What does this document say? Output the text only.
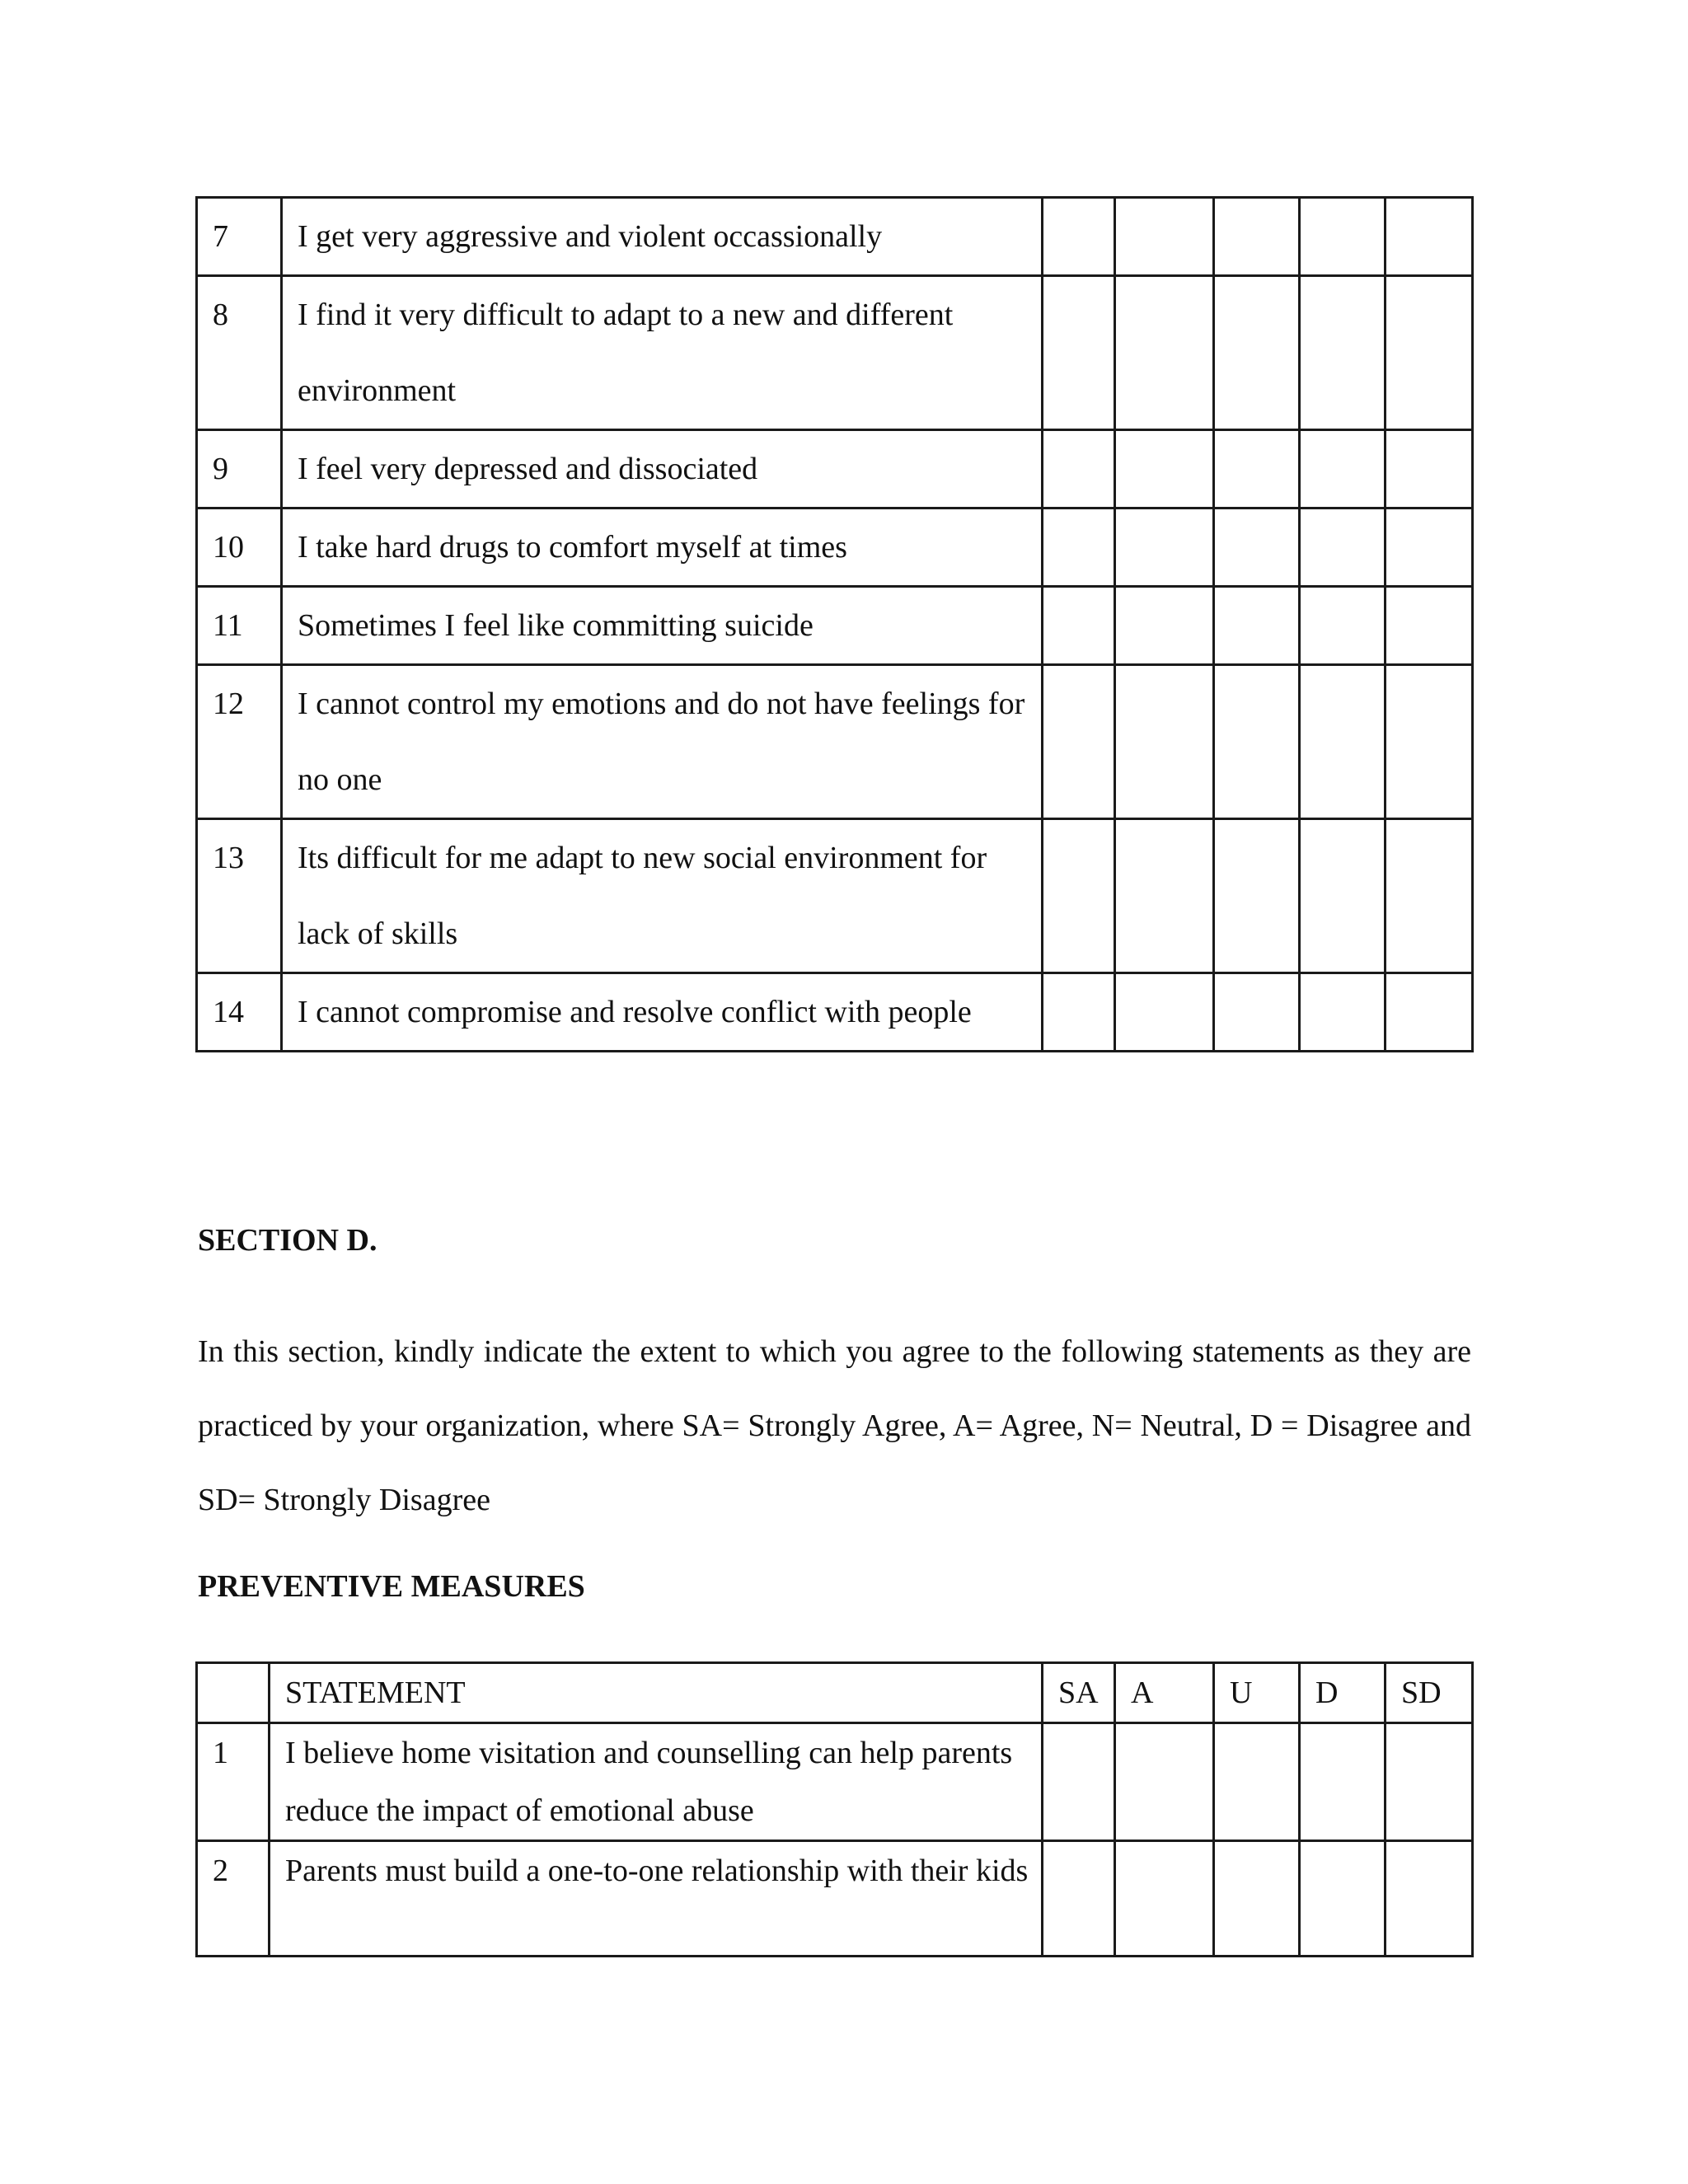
7	I get very aggressive and violent occassionally					
8	I find it very difficult to adapt to a new and different environment					
9	I feel very depressed and dissociated					
10	I take hard drugs to comfort myself at times					
11	Sometimes I feel like committing suicide					
12	I cannot control my emotions and do not have feelings for no one					
13	Its difficult for me adapt to new social environment for lack of skills					
14	I cannot compromise and resolve conflict with people					
SECTION D.

In this section, kindly indicate the extent to which you agree to the following statements as they are practiced by your organization, where SA= Strongly Agree, A= Agree, N= Neutral, D = Disagree and SD= Strongly Disagree

PREVENTIVE MEASURES
	STATEMENT	SA	A	U	D	SD
1	I believe home visitation and counselling can help parents reduce the impact of emotional abuse					
2	Parents must build a one-to-one relationship with their kids					
